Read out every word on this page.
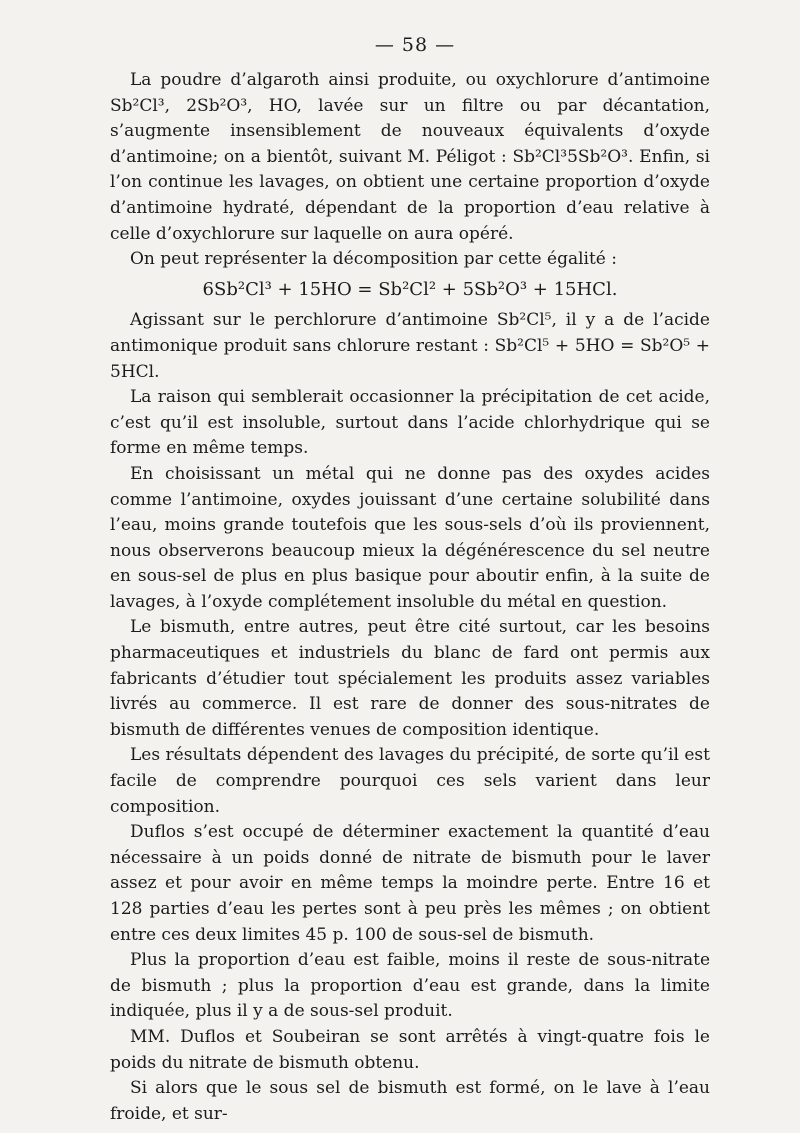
— 58 —

La poudre d’algaroth ainsi produite, ou oxychlorure d’antimoine Sb²Cl³, 2Sb²O³, HO, lavée sur un filtre ou par décantation, s’augmente insensiblement de nouveaux équivalents d’oxyde d’antimoine; on a bientôt, suivant M. Péligot : Sb²Cl³5Sb²O³. Enfin, si l’on continue les lavages, on obtient une certaine proportion d’oxyde d’antimoine hydraté, dépendant de la proportion d’eau relative à celle d’oxychlorure sur laquelle on aura opéré.

On peut représenter la décomposition par cette égalité :

6Sb²Cl³ + 15HO = Sb²Cl² + 5Sb²O³ + 15HCl.

Agissant sur le perchlorure d’antimoine Sb²Cl⁵, il y a de l’acide antimonique produit sans chlorure restant : Sb²Cl⁵ + 5HO = Sb²O⁵ + 5HCl.

La raison qui semblerait occasionner la précipitation de cet acide, c’est qu’il est insoluble, surtout dans l’acide chlorhydrique qui se forme en même temps.

En choisissant un métal qui ne donne pas des oxydes acides comme l’antimoine, oxydes jouissant d’une certaine solubilité dans l’eau, moins grande toutefois que les sous-sels d’où ils proviennent, nous observerons beaucoup mieux la dégénérescence du sel neutre en sous-sel de plus en plus basique pour aboutir enfin, à la suite de lavages, à l’oxyde complétement insoluble du métal en question.

Le bismuth, entre autres, peut être cité surtout, car les besoins pharmaceutiques et industriels du blanc de fard ont permis aux fabricants d’étudier tout spécialement les produits assez variables livrés au commerce. Il est rare de donner des sous-nitrates de bismuth de différentes venues de composition identique.

Les résultats dépendent des lavages du précipité, de sorte qu’il est facile de comprendre pourquoi ces sels varient dans leur composition.

Duflos s’est occupé de déterminer exactement la quantité d’eau nécessaire à un poids donné de nitrate de bismuth pour le laver assez et pour avoir en même temps la moindre perte. Entre 16 et 128 parties d’eau les pertes sont à peu près les mêmes ; on obtient entre ces deux limites 45 p. 100 de sous-sel de bismuth.

Plus la proportion d’eau est faible, moins il reste de sous-nitrate de bismuth ; plus la proportion d’eau est grande, dans la limite indiquée, plus il y a de sous-sel produit.

MM. Duflos et Soubeiran se sont arrêtés à vingt-quatre fois le poids du nitrate de bismuth obtenu.

Si alors que le sous sel de bismuth est formé, on le lave à l’eau froide, et sur-
